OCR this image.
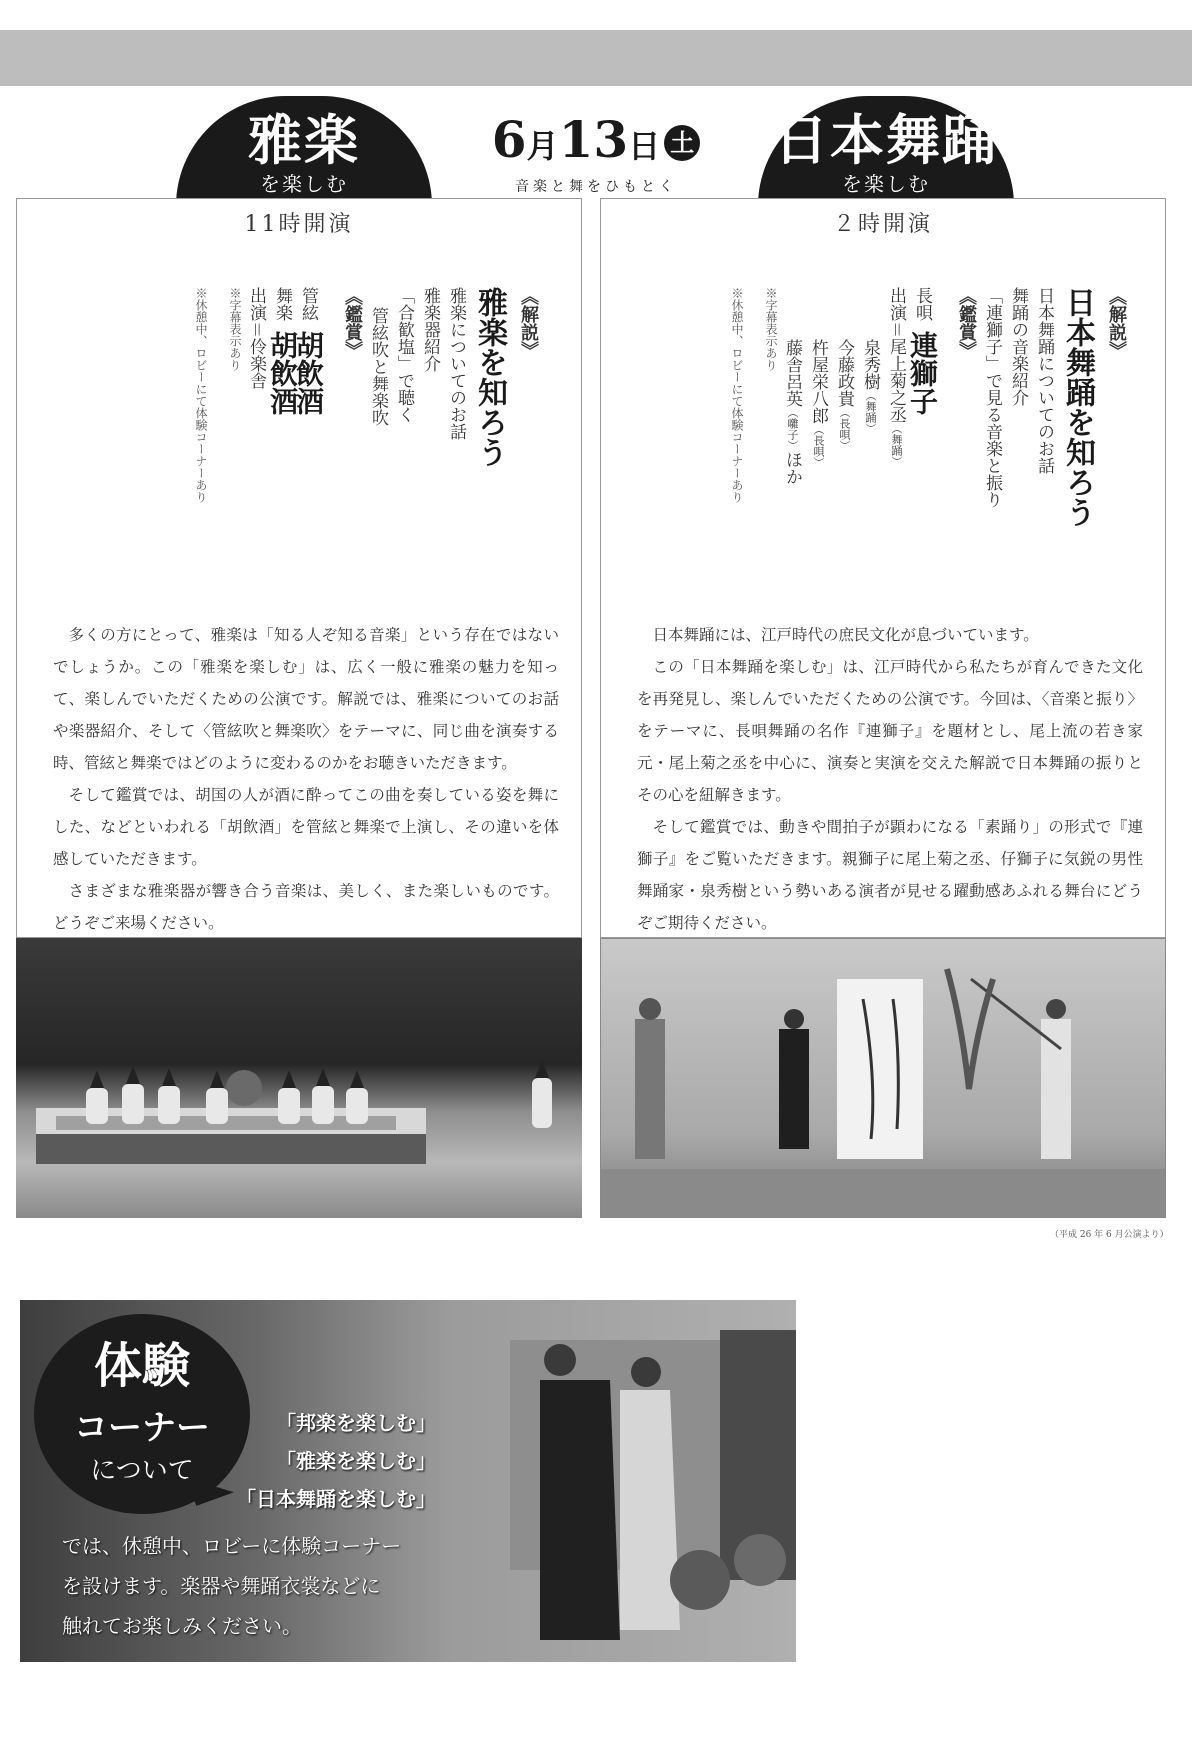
雅楽
を楽しむ
6月13日 土
音楽と舞をひもとく
日本舞踊
を楽しむ
11時開演
《解説》
雅楽を知ろう
雅楽についてのお話
雅楽器紹介
「合歓塩」で聴く
管絃吹と舞楽吹
《鑑賞》
管絃胡飲酒
舞楽胡飲酒
出演＝伶楽舎
※字幕表示あり
※休憩中、ロビーにて体験コーナーあり

多くの方にとって、雅楽は「知る人ぞ知る音楽」という存在ではないでしょうか。この「雅楽を楽しむ」は、広く一般に雅楽の魅力を知って、楽しんでいただくための公演です。解説では、雅楽についてのお話や楽器紹介、そして〈管絃吹と舞楽吹〉をテーマに、同じ曲を演奏する時、管絃と舞楽ではどのように変わるのかをお聴きいただきます。

そして鑑賞では、胡国の人が酒に酔ってこの曲を奏している姿を舞にした、などといわれる「胡飲酒」を管絃と舞楽で上演し、その違いを体感していただきます。

さまざまな雅楽器が響き合う音楽は、美しく、また楽しいものです。どうぞご来場ください。

２時開演
《解説》
日本舞踊を知ろう
日本舞踊についてのお話
舞踊の音楽紹介
「連獅子」で見る音楽と振り
《鑑賞》
長唄連獅子
出演＝尾上菊之丞（舞踊）
泉秀樹（舞踊）
今藤政貴（長唄）
杵屋栄八郎（長唄）
藤舎呂英（囃子）ほか
※字幕表示あり
※休憩中、ロビーにて体験コーナーあり

日本舞踊には、江戸時代の庶民文化が息づいています。

この「日本舞踊を楽しむ」は、江戸時代から私たちが育んできた文化を再発見し、楽しんでいただくための公演です。今回は、〈音楽と振り〉をテーマに、長唄舞踊の名作『連獅子』を題材とし、尾上流の若き家元・尾上菊之丞を中心に、演奏と実演を交えた解説で日本舞踊の振りとその心を紐解きます。

そして鑑賞では、動きや間拍子が顕わになる「素踊り」の形式で『連獅子』をご覧いただきます。親獅子に尾上菊之丞、仔獅子に気鋭の男性舞踊家・泉秀樹という勢いある演者が見せる躍動感あふれる舞台にどうぞご期待ください。

（平成 26 年 6 月公演より）
体験
コーナー
について
「邦楽を楽しむ」
「雅楽を楽しむ」
「日本舞踊を楽しむ」
では、休憩中、ロビーに体験コーナー
を設けます。楽器や舞踊衣裳などに
触れてお楽しみください。
